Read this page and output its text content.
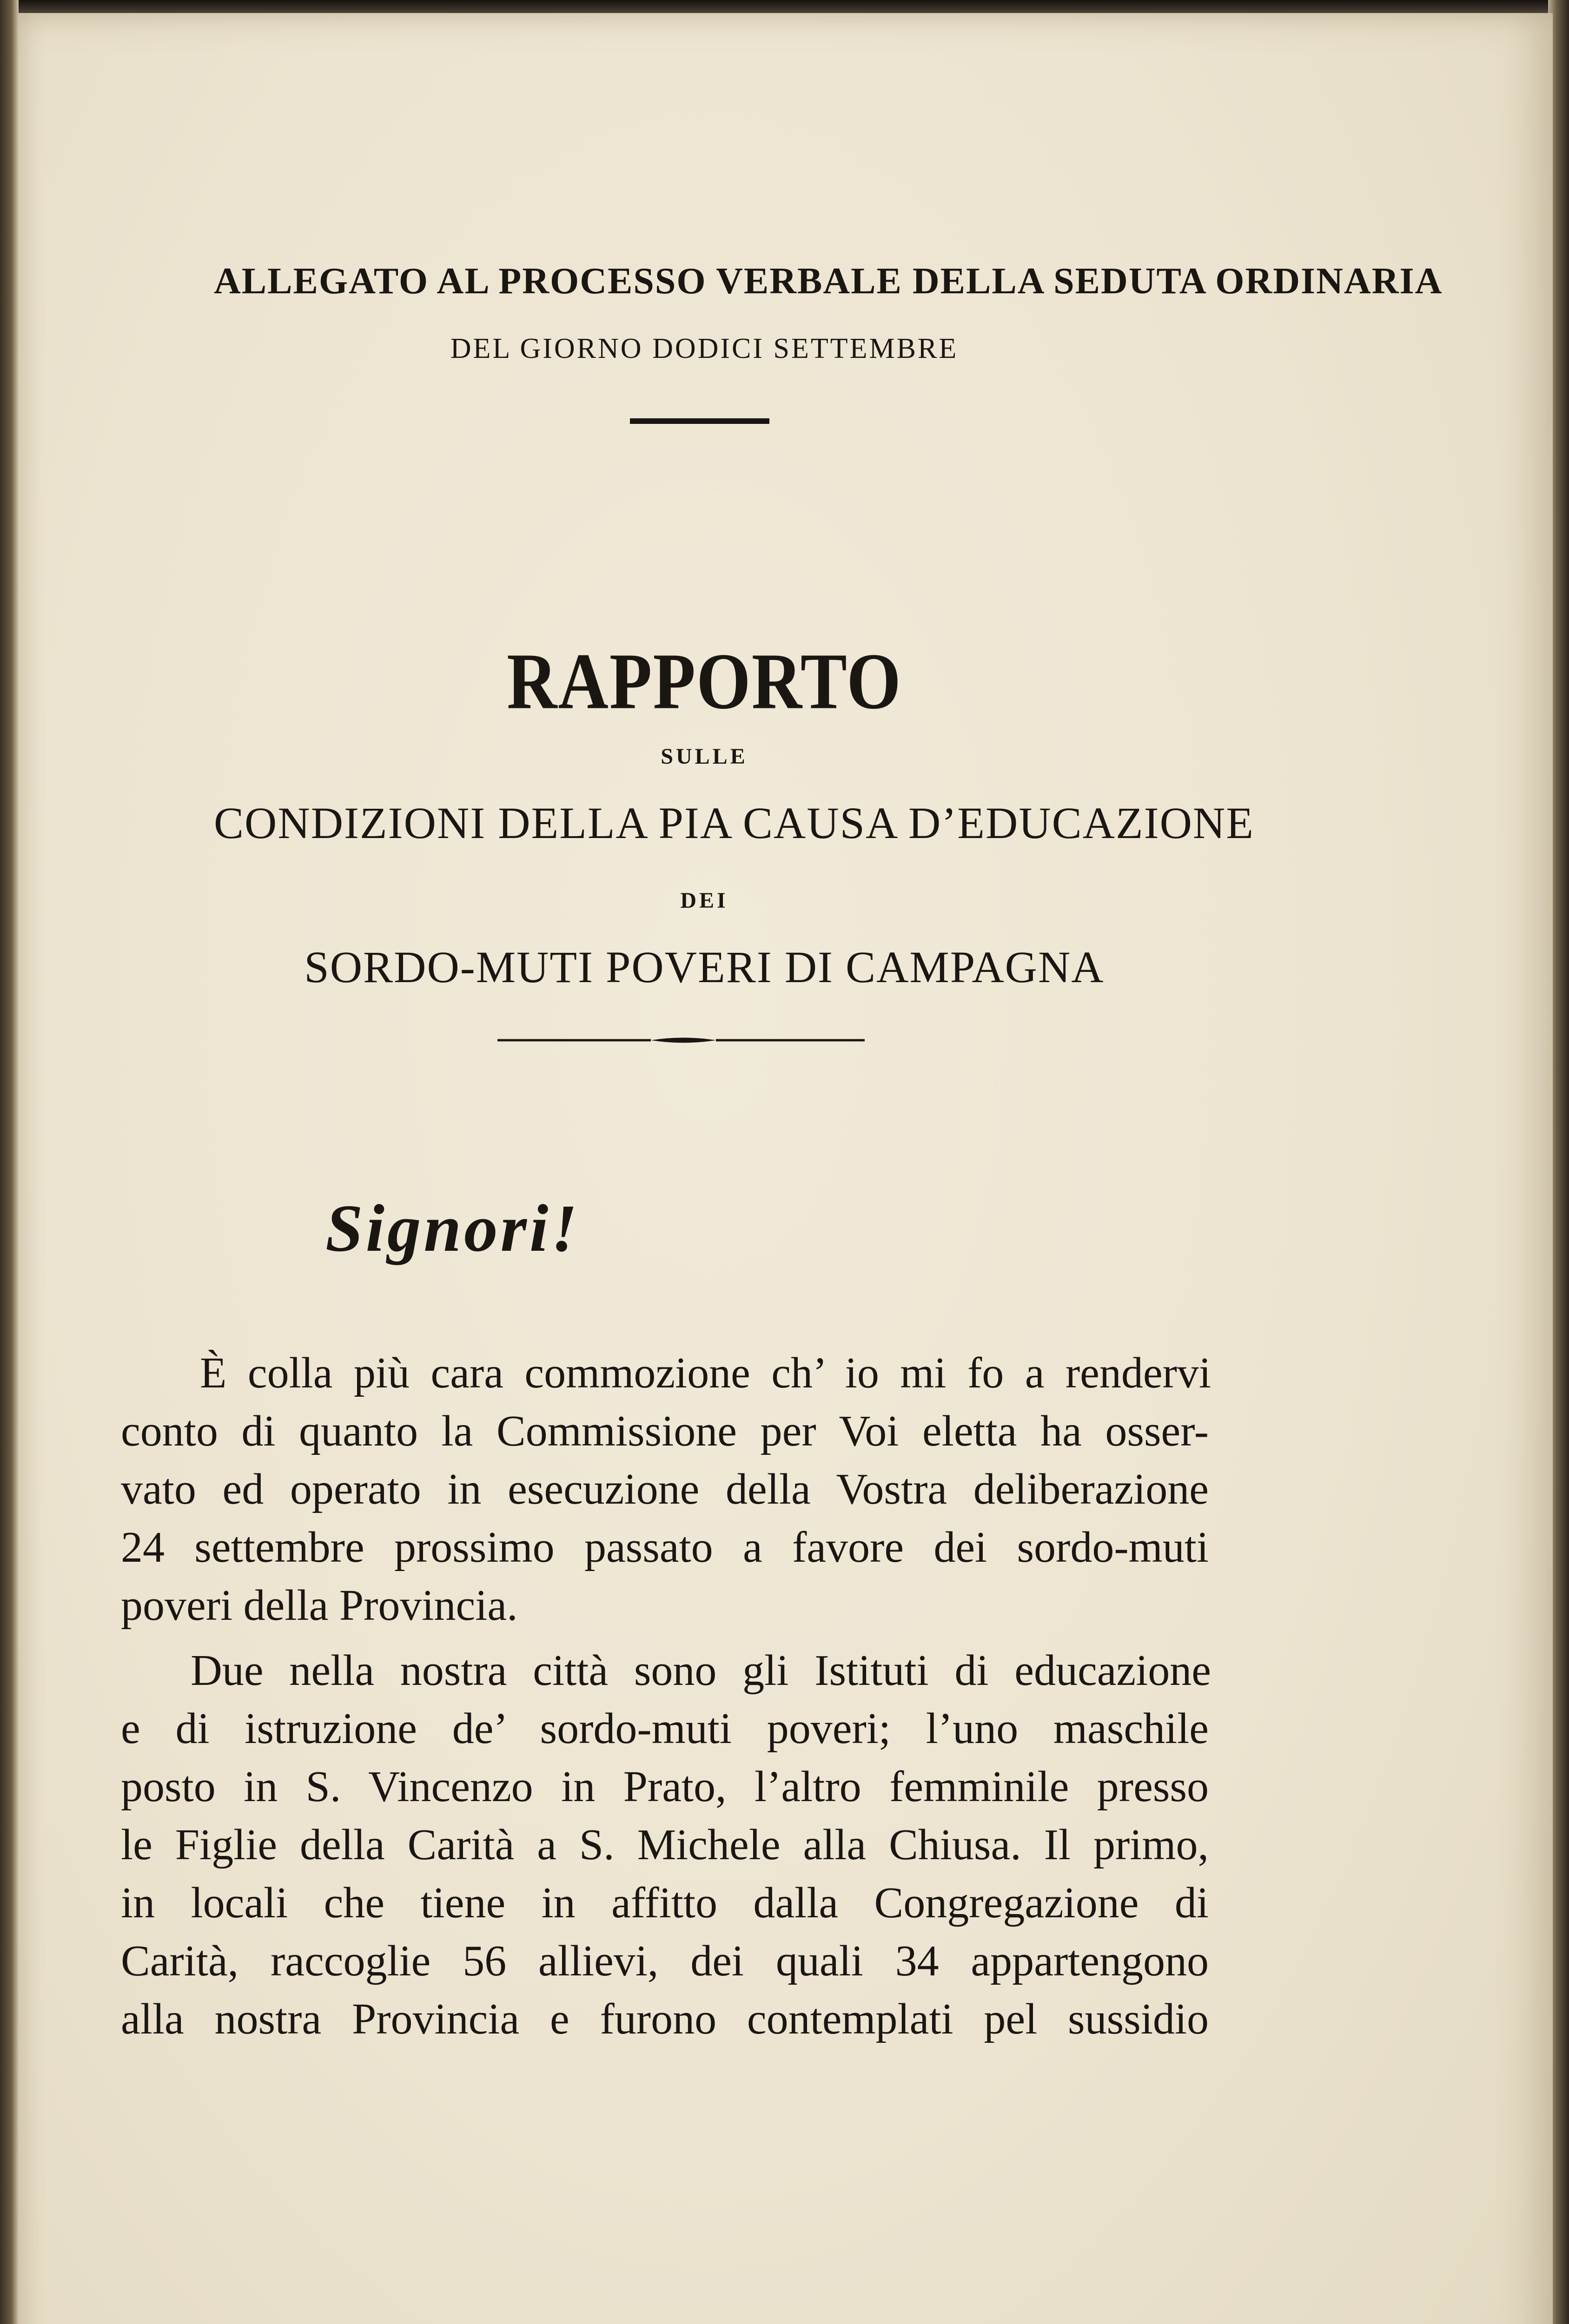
ALLEGATO AL PROCESSO VERBALE DELLA SEDUTA ORDINARIA
DEL GIORNO DODICI SETTEMBRE
RAPPORTO
SULLE
CONDIZIONI DELLA PIA CAUSA D’EDUCAZIONE
DEI
SORDO-MUTI POVERI DI CAMPAGNA
Signori!
È colla più cara commozione ch’ io mi fo a rendervi
conto di quanto la Commissione per Voi eletta ha osser-
vato ed operato in esecuzione della Vostra deliberazione
24 settembre prossimo passato a favore dei sordo-muti
poveri della Provincia.
Due nella nostra città sono gli Istituti di educazione
e di istruzione de’ sordo-muti poveri; l’uno maschile
posto in S. Vincenzo in Prato, l’altro femminile presso
le Figlie della Carità a S. Michele alla Chiusa. Il primo,
in locali che tiene in affitto dalla Congregazione di
Carità, raccoglie 56 allievi, dei quali 34 appartengono
alla nostra Provincia e furono contemplati pel sussidio
